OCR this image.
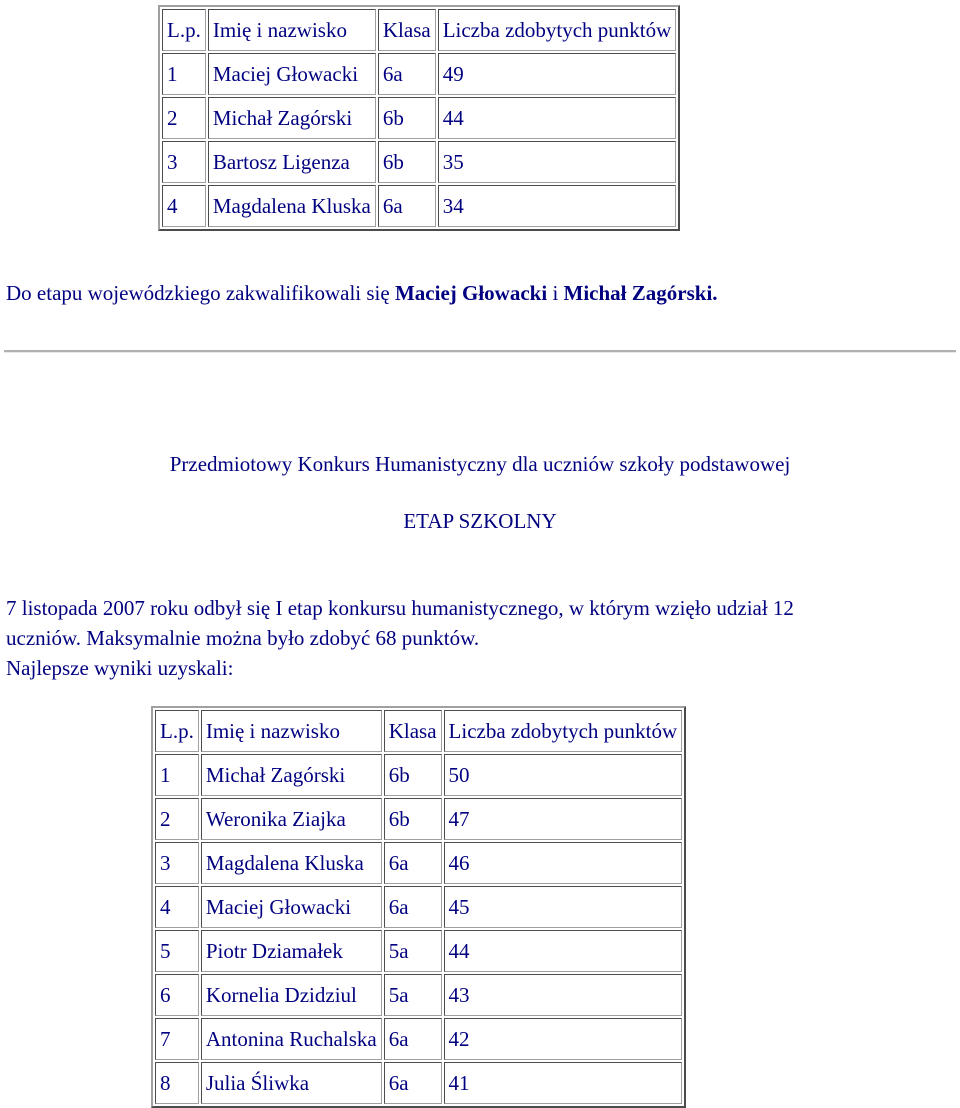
L.p.	Imię i nazwisko	Klasa	Liczba zdobytych punktów
1	Maciej Głowacki	6a	49
2	Michał Zagórski	6b	44
3	Bartosz Ligenza	6b	35
4	Magdalena Kluska	6a	34
Do etapu wojewódzkiego zakwalifikowali się Maciej Głowacki i Michał Zagórski.
Przedmiotowy Konkurs Humanistyczny dla uczniów szkoły podstawowej
ETAP SZKOLNY
7 listopada 2007 roku odbył się I etap konkursu humanistycznego, w którym wzięło udział 12
uczniów. Maksymalnie można było zdobyć 68 punktów.
Najlepsze wyniki uzyskali:
L.p.	Imię i nazwisko	Klasa	Liczba zdobytych punktów
1	Michał Zagórski	6b	50
2	Weronika Ziajka	6b	47
3	Magdalena Kluska	6a	46
4	Maciej Głowacki	6a	45
5	Piotr Dziamałek	5a	44
6	Kornelia Dzidziul	5a	43
7	Antonina Ruchalska	6a	42
8	Julia Śliwka	6a	41
